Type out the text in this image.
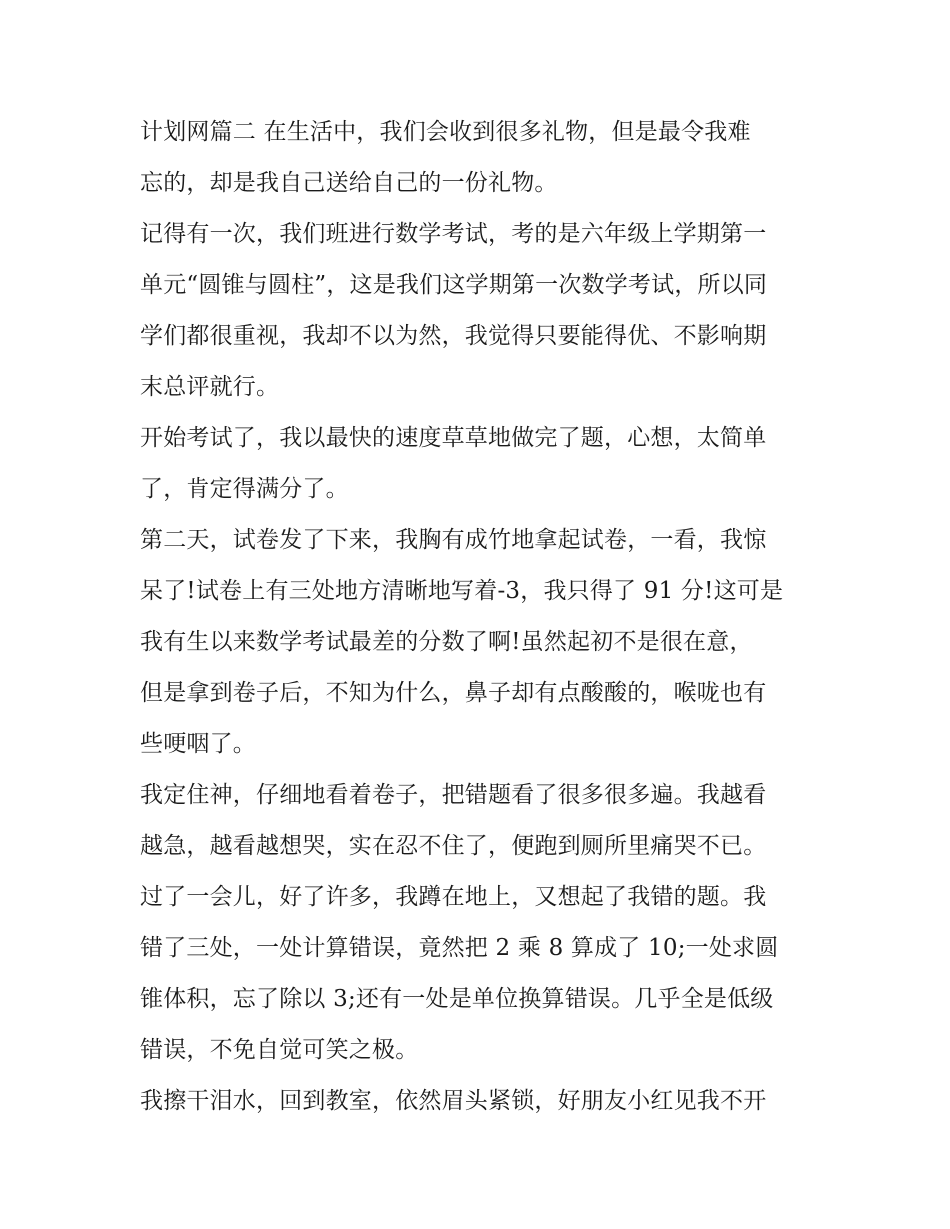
计划网篇二 在生活中，我们会收到很多礼物，但是最令我难
忘的，却是我自己送给自己的一份礼物。
记得有一次，我们班进行数学考试，考的是六年级上学期第一
单元“圆锥与圆柱”，这是我们这学期第一次数学考试，所以同
学们都很重视，我却不以为然，我觉得只要能得优、不影响期
末总评就行。
开始考试了，我以最快的速度草草地做完了题，心想，太简单
了，肯定得满分了。
第二天，试卷发了下来，我胸有成竹地拿起试卷，一看，我惊
呆了!试卷上有三处地方清晰地写着-3，我只得了 91 分!这可是
我有生以来数学考试最差的分数了啊!虽然起初不是很在意，
但是拿到卷子后，不知为什么，鼻子却有点酸酸的，喉咙也有
些哽咽了。
我定住神，仔细地看着卷子，把错题看了很多很多遍。我越看
越急，越看越想哭，实在忍不住了，便跑到厕所里痛哭不已。
过了一会儿，好了许多，我蹲在地上，又想起了我错的题。我
错了三处，一处计算错误，竟然把 2 乘 8 算成了 10;一处求圆
锥体积，忘了除以 3;还有一处是单位换算错误。几乎全是低级
错误，不免自觉可笑之极。
我擦干泪水，回到教室，依然眉头紧锁，好朋友小红见我不开
